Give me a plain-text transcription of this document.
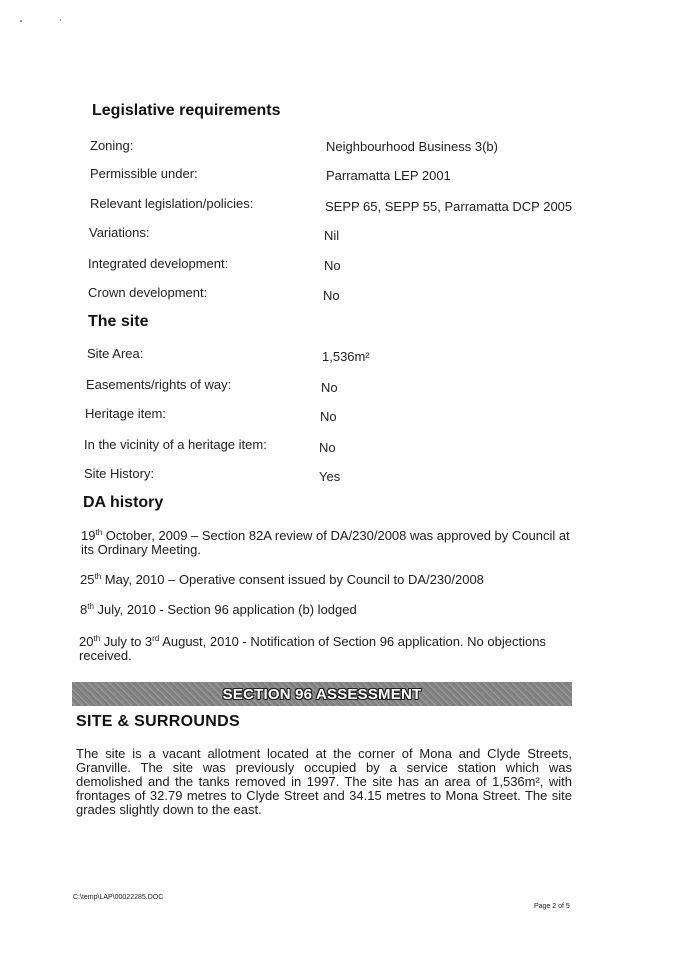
Legislative requirements
Zoning:	Neighbourhood Business 3(b)
Permissible under:	Parramatta LEP 2001
Relevant legislation/policies:	SEPP 65, SEPP 55, Parramatta DCP 2005
Variations:	Nil
Integrated development:	No
Crown development:	No
The site
Site Area:	1,536m²
Easements/rights of way:	No
Heritage item:	No
In the vicinity of a heritage item:	No
Site History:	Yes
DA history
19th October, 2009 – Section 82A review of DA/230/2008 was approved by Council at its Ordinary Meeting.
25th May, 2010 – Operative consent issued by Council to DA/230/2008
8th July, 2010 - Section 96 application (b) lodged
20th July to 3rd August, 2010 - Notification of Section 96 application. No objections received.
SECTION 96 ASSESSMENT
SITE & SURROUNDS
The site is a vacant allotment located at the corner of Mona and Clyde Streets, Granville. The site was previously occupied by a service station which was demolished and the tanks removed in 1997. The site has an area of 1,536m², with frontages of 32.79 metres to Clyde Street and 34.15 metres to Mona Street. The site grades slightly down to the east.
C:\temp\LAP\00022285.DOC
Page 2 of 5
